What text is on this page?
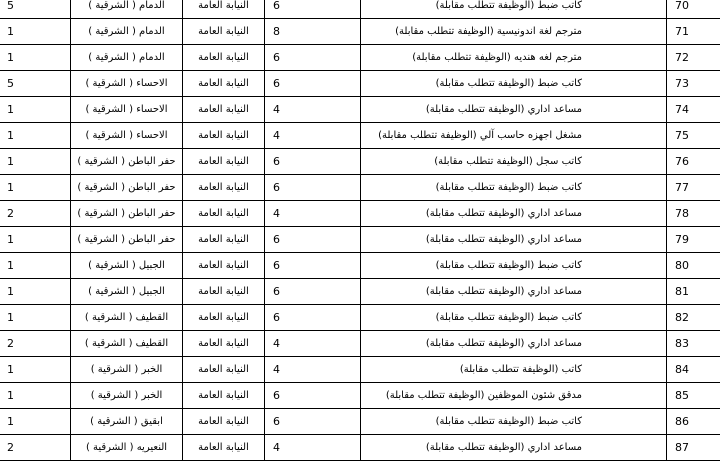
70	كاتب ضبط (الوظيفة تتطلب مقابلة)	6	النيابة العامة	الدمام ( الشرقية )	5
71	مترجم لغة اندونيسية (الوظيفة تتطلب مقابلة)	8	النيابة العامة	الدمام ( الشرقية )	1
72	مترجم لغه هنديه (الوظيفة تتطلب مقابلة)	6	النيابة العامة	الدمام ( الشرقية )	1
73	كاتب ضبط (الوظيفة تتطلب مقابلة)	6	النيابة العامة	الاحساء ( الشرقية )	5
74	مساعد اداري (الوظيفة تتطلب مقابلة)	4	النيابة العامة	الاحساء ( الشرقية )	1
75	مشغل اجهزه حاسب آلي (الوظيفة تتطلب مقابلة)	4	النيابة العامة	الاحساء ( الشرقية )	1
76	كاتب سجل (الوظيفة تتطلب مقابلة)	6	النيابة العامة	حفر الباطن ( الشرقية )	1
77	كاتب ضبط (الوظيفة تتطلب مقابلة)	6	النيابة العامة	حفر الباطن ( الشرقية )	1
78	مساعد اداري (الوظيفة تتطلب مقابلة)	4	النيابة العامة	حفر الباطن ( الشرقية )	2
79	مساعد اداري (الوظيفة تتطلب مقابلة)	6	النيابة العامة	حفر الباطن ( الشرقية )	1
80	كاتب ضبط (الوظيفة تتطلب مقابلة)	6	النيابة العامة	الجبيل ( الشرقية )	1
81	مساعد اداري (الوظيفة تتطلب مقابلة)	6	النيابة العامة	الجبيل ( الشرقية )	1
82	كاتب ضبط (الوظيفة تتطلب مقابلة)	6	النيابة العامة	القطيف ( الشرقية )	1
83	مساعد اداري (الوظيفة تتطلب مقابلة)	4	النيابة العامة	القطيف ( الشرقية )	2
84	كاتب (الوظيفة تتطلب مقابلة)	4	النيابة العامة	الخبر ( الشرقية )	1
85	مدقق شئون الموظفين (الوظيفة تتطلب مقابلة)	6	النيابة العامة	الخبر ( الشرقية )	1
86	كاتب ضبط (الوظيفة تتطلب مقابلة)	6	النيابة العامة	ابقيق ( الشرقية )	1
87	مساعد اداري (الوظيفة تتطلب مقابلة)	4	النيابة العامة	النعيريه ( الشرقية )	2
